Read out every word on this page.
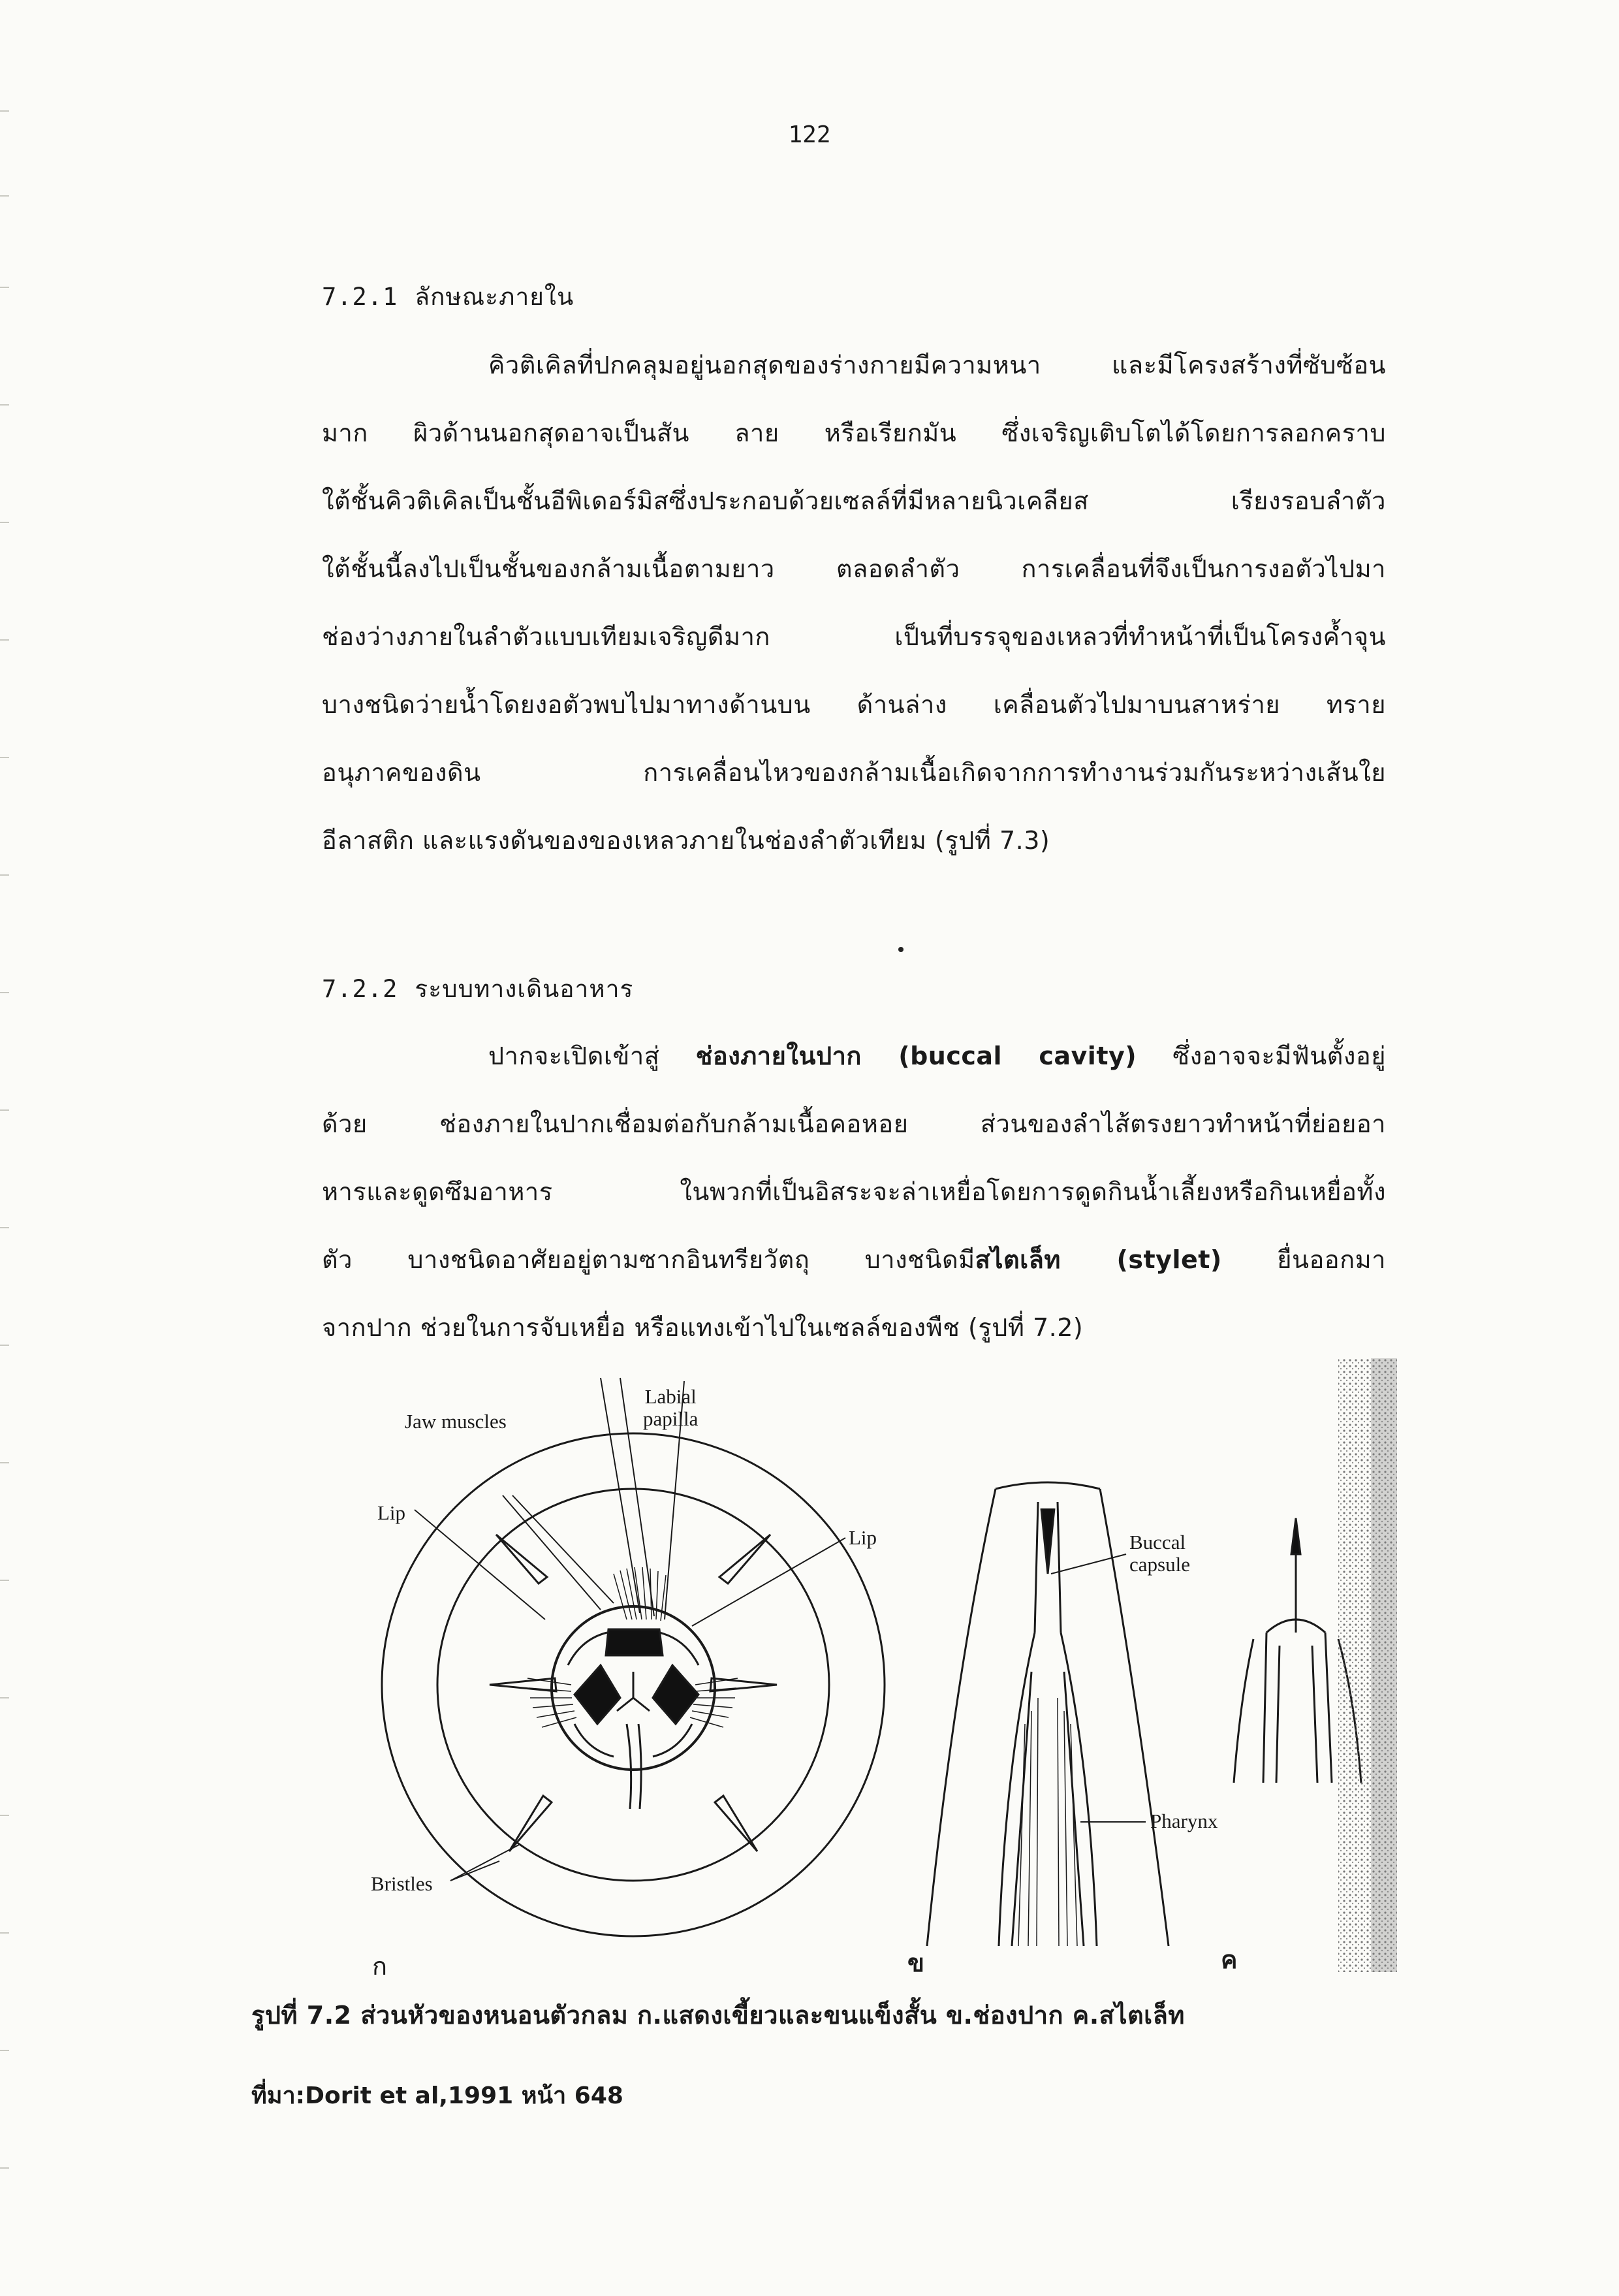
122
7.2.1 ลักษณะภายใน
คิวติเคิลที่ปกคลุมอยู่นอกสุดของร่างกายมีความหนา และมีโครงสร้างที่ซับซ้อน
มาก ผิวด้านนอกสุดอาจเป็นสัน ลาย หรือเรียกมัน ซึ่งเจริญเติบโตได้โดยการลอกคราบ
ใต้ชั้นคิวติเคิลเป็นชั้นอีพิเดอร์มิสซึ่งประกอบด้วยเซลล์ที่มีหลายนิวเคลียส เรียงรอบลำตัว
ใต้ชั้นนี้ลงไปเป็นชั้นของกล้ามเนื้อตามยาว ตลอดลำตัว การเคลื่อนที่จึงเป็นการงอตัวไปมา
ช่องว่างภายในลำตัวแบบเทียมเจริญดีมาก เป็นที่บรรจุของเหลวที่ทำหน้าที่เป็นโครงค้ำจุน
บางชนิดว่ายน้ำโดยงอตัวพบไปมาทางด้านบน ด้านล่าง เคลื่อนตัวไปมาบนสาหร่าย ทราย
อนุภาคของดิน การเคลื่อนไหวของกล้ามเนื้อเกิดจากการทำงานร่วมกันระหว่างเส้นใย
อีลาสติก และแรงดันของของเหลวภายในช่องลำตัวเทียม (รูปที่ 7.3)
7.2.2 ระบบทางเดินอาหาร
ปากจะเปิดเข้าสู่ ช่องภายในปาก (buccal cavity) ซึ่งอาจจะมีฟันตั้งอยู่
ด้วย ช่องภายในปากเชื่อมต่อกับกล้ามเนื้อคอหอย ส่วนของลำไส้ตรงยาวทำหน้าที่ย่อยอา
หารและดูดซึมอาหาร ในพวกที่เป็นอิสระจะล่าเหยื่อโดยการดูดกินน้ำเลี้ยงหรือกินเหยื่อทั้ง
ตัว บางชนิดอาศัยอยู่ตามซากอินทรียวัตถุ บางชนิดมีสไตเล็ท (stylet) ยื่นออกมา
จากปาก ช่วยในการจับเหยื่อ หรือแทงเข้าไปในเซลล์ของพืช (รูปที่ 7.2)
Jaw muscles
Labial
papilla
Lip
Lip
Bristles
Buccal
capsule
Pharynx
ก	ข	ค
รูปที่ 7.2 ส่วนหัวของหนอนตัวกลม ก.แสดงเขี้ยวและขนแข็งสั้น ข.ช่องปาก ค.สไตเล็ท
ที่มา:Dorit et al,1991 หน้า 648
